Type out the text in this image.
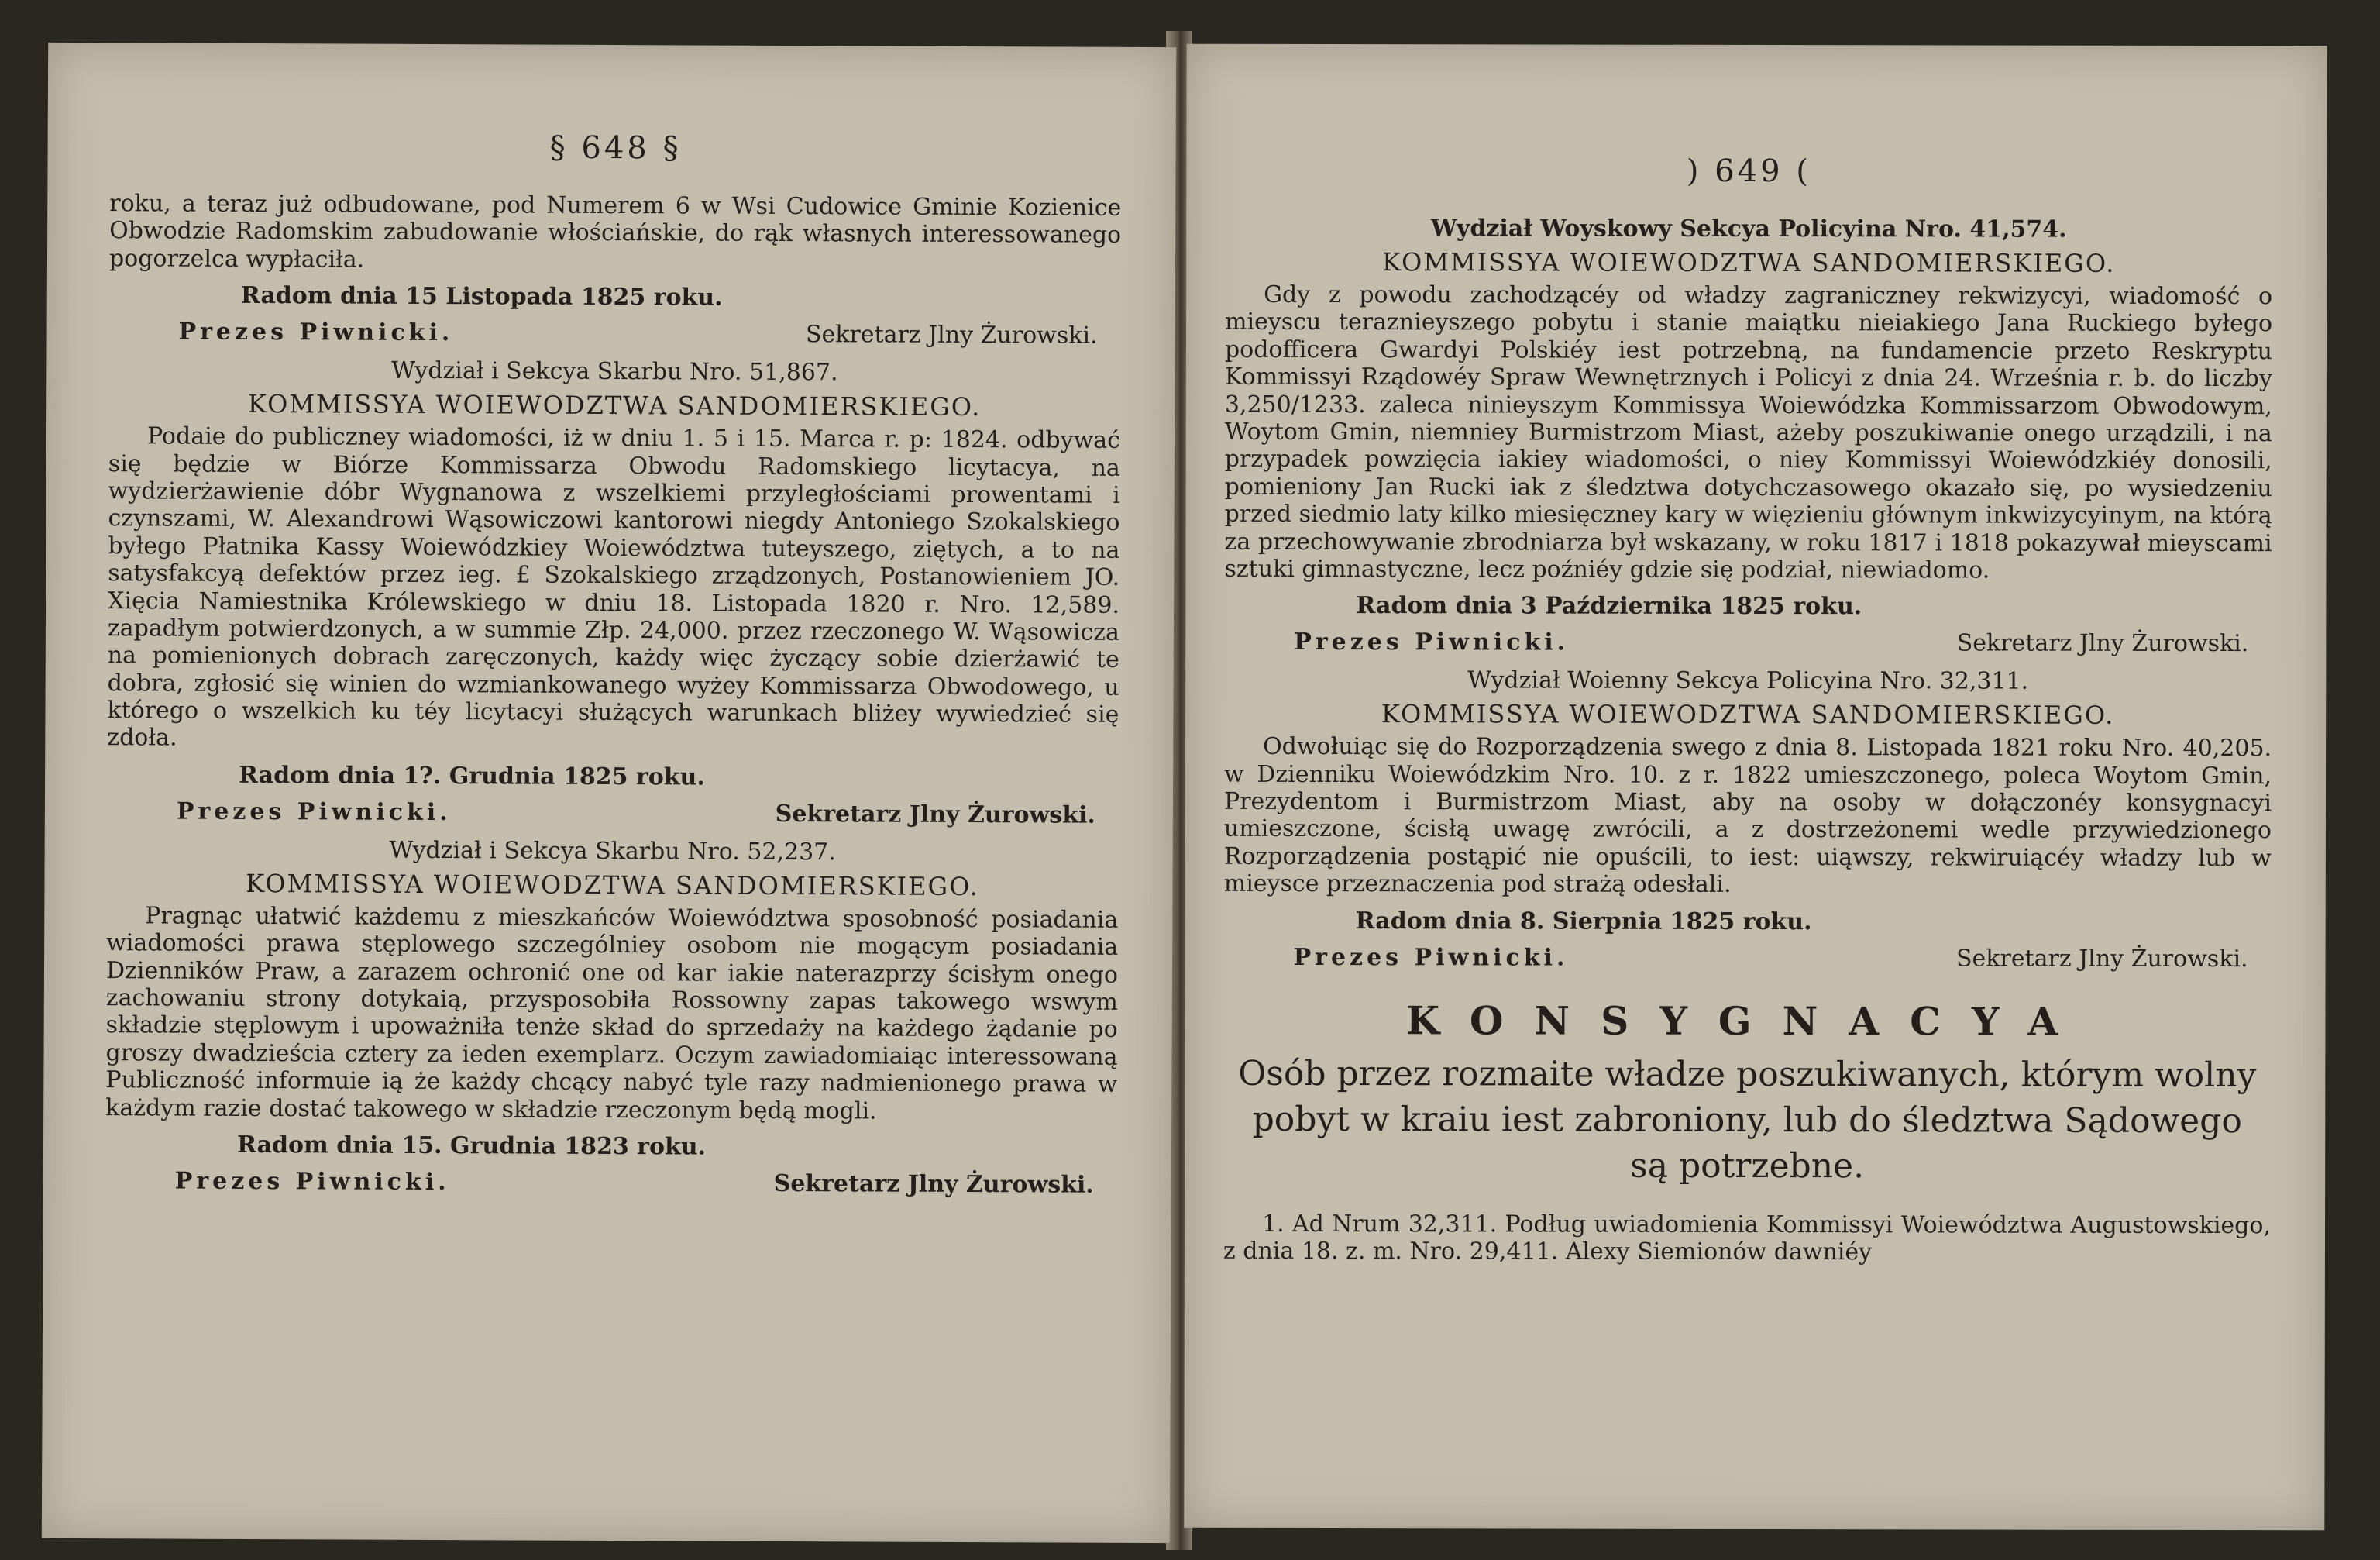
§ 648 §

roku, a teraz już odbudowane, pod Numerem 6 w Wsi Cudowice Gminie Kozienice Obwodzie Radomskim zabudowanie włościańskie, do rąk własnych interessowanego pogorzelca wypłaciła.

Radom dnia 15 Listopada 1825 roku.
Prezes Piwnicki.	Sekretarz Jlny Żurowski.
Wydział i Sekcya Skarbu Nro. 51,867.
KOMMISSYA WOIEWODZTWA SANDOMIERSKIEGO.

Podaie do publiczney wiadomości, iż w dniu 1. 5 i 15. Marca r. p: 1824. odbywać się będzie w Biórze Kommissarza Obwodu Radomskiego licytacya, na wydzierżawienie dóbr Wygnanowa z wszelkiemi przyległościami prowentami i czynszami, W. Alexandrowi Wąsowiczowi kantorowi niegdy Antoniego Szokalskiego byłego Płatnika Kassy Woiewódzkiey Woiewództwa tuteyszego, ziętych, a to na satysfakcyą defektów przez ieg. £ Szokalskiego zrządzonych, Postanowieniem JO. Xięcia Namiestnika Królewskiego w dniu 18. Listopada 1820 r. Nro. 12,589. zapadłym potwierdzonych, a w summie Złp. 24,000. przez rzeczonego W. Wąsowicza na pomienionych dobrach zaręczonych, każdy więc życzący sobie dzierżawić te dobra, zgłosić się winien do wzmiankowanego wyżey Kommissarza Obwodowego, u którego o wszelkich ku téy licytacyi służących warunkach bliżey wywiedzieć się zdoła.

Radom dnia 1?. Grudnia 1825 roku.
Prezes Piwnicki.	Sekretarz Jlny Żurowski.
Wydział i Sekcya Skarbu Nro. 52,237.
KOMMISSYA WOIEWODZTWA SANDOMIERSKIEGO.

Pragnąc ułatwić każdemu z mieszkańców Woiewództwa sposobność posiadania wiadomości prawa stęplowego szczególniey osobom nie mogącym posiadania Dzienników Praw, a zarazem ochronić one od kar iakie naterazprzy ścisłym onego zachowaniu strony dotykaią, przysposobiła Rossowny zapas takowego wswym składzie stęplowym i upoważniła tenże skład do sprzedaży na każdego żądanie po groszy dwadzieścia cztery za ieden exemplarz. Oczym zawiadomiaiąc interessowaną Publiczność informuie ią że każdy chcący nabyć tyle razy nadmienionego prawa w każdym razie dostać takowego w składzie rzeczonym będą mogli.

Radom dnia 15. Grudnia 1823 roku.
Prezes Piwnicki.	Sekretarz Jlny Żurowski.
) 649 (
Wydział Woyskowy Sekcya Policyina Nro. 41,574.
KOMMISSYA WOIEWODZTWA SANDOMIERSKIEGO.

Gdy z powodu zachodzącéy od władzy zagraniczney rekwizycyi, wiadomość o mieyscu teraznieyszego pobytu i stanie maiątku nieiakiego Jana Ruckiego byłego podofficera Gwardyi Polskiéy iest potrzebną, na fundamencie przeto Reskryptu Kommissyi Rządowéy Spraw Wewnętrznych i Policyi z dnia 24. Września r. b. do liczby 3,250/1233. zaleca ninieyszym Kommissya Woiewódzka Kommissarzom Obwodowym, Woytom Gmin, niemniey Burmistrzom Miast, ażeby poszukiwanie onego urządzili, i na przypadek powzięcia iakiey wiadomości, o niey Kommissyi Woiewódzkiéy donosili, pomieniony Jan Rucki iak z śledztwa dotychczasowego okazało się, po wysiedzeniu przed siedmio laty kilko miesięczney kary w więzieniu głównym inkwizycyinym, na którą za przechowywanie zbrodniarza był wskazany, w roku 1817 i 1818 pokazywał mieyscami sztuki gimnastyczne, lecz poźniéy gdzie się podział, niewiadomo.

Radom dnia 3 Października 1825 roku.
Prezes Piwnicki.	Sekretarz Jlny Żurowski.
Wydział Woienny Sekcya Policyina Nro. 32,311.
KOMMISSYA WOIEWODZTWA SANDOMIERSKIEGO.

Odwołuiąc się do Rozporządzenia swego z dnia 8. Listopada 1821 roku Nro. 40,205. w Dzienniku Woiewódzkim Nro. 10. z r. 1822 umieszczonego, poleca Woytom Gmin, Prezydentom i Burmistrzom Miast, aby na osoby w dołączonéy konsygnacyi umieszczone, ścisłą uwagę zwrócili, a z dostrzeżonemi wedle przywiedzionego Rozporządzenia postąpić nie opuścili, to iest: uiąwszy, rekwiruiącéy władzy lub w mieysce przeznaczenia pod strażą odesłali.

Radom dnia 8. Sierpnia 1825 roku.
Prezes Piwnicki.	Sekretarz Jlny Żurowski.
KONSYGNACYA
Osób przez rozmaite władze poszukiwanych, którym wolny pobyt w kraiu iest zabroniony, lub do śledztwa Sądowego są potrzebne.

1. Ad Nrum 32,311. Podług uwiadomienia Kommissyi Woiewództwa Augustowskiego, z dnia 18. z. m. Nro. 29,411. Alexy Siemionów dawniéy
